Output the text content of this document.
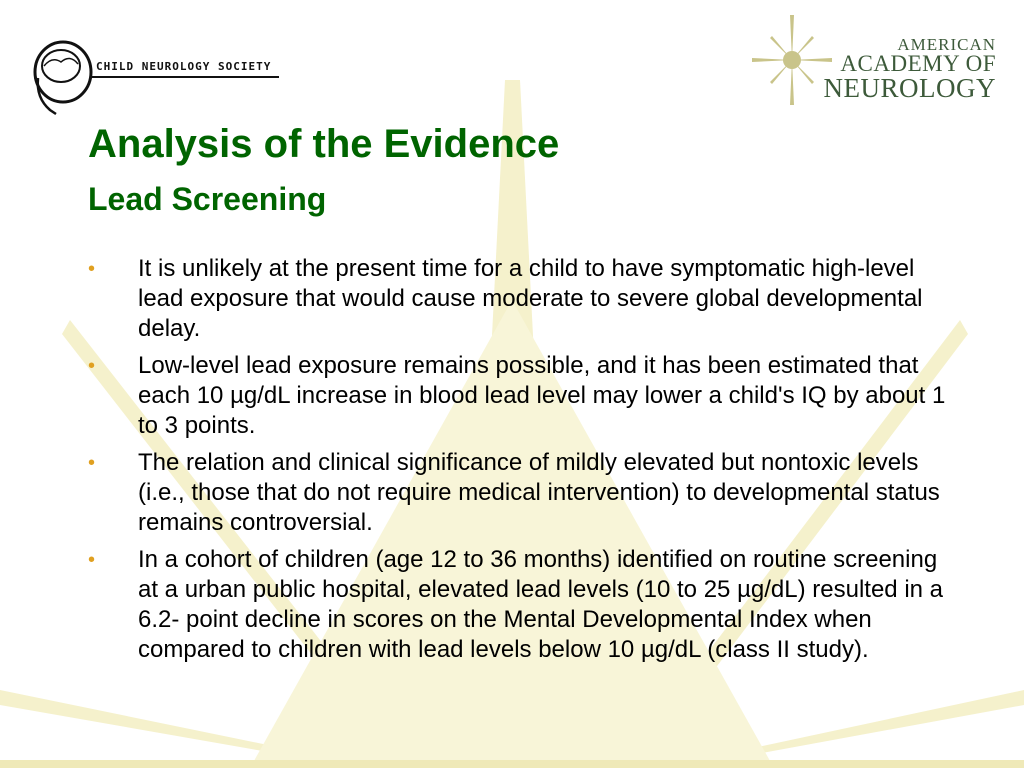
CHILD NEUROLOGY SOCIETY
AMERICAN
ACADEMY OF
NEUROLOGY
Analysis of the Evidence
Lead Screening
• It is unlikely at the present time for a child to have symptomatic high-level lead exposure that would cause moderate to severe global developmental delay.
• Low-level lead exposure remains possible, and it has been estimated that each 10 µg/dL increase in blood lead level may lower a child's IQ by about 1 to 3 points.
• The relation and clinical significance of mildly elevated but nontoxic levels (i.e., those that do not require medical intervention) to developmental status remains controversial.
• In a cohort of children (age 12 to 36 months) identified on routine screening at a urban public hospital, elevated lead levels (10 to 25 µg/dL) resulted in a 6.2- point decline in scores on the Mental Developmental Index when compared to children with lead levels below 10 µg/dL (class II study).
